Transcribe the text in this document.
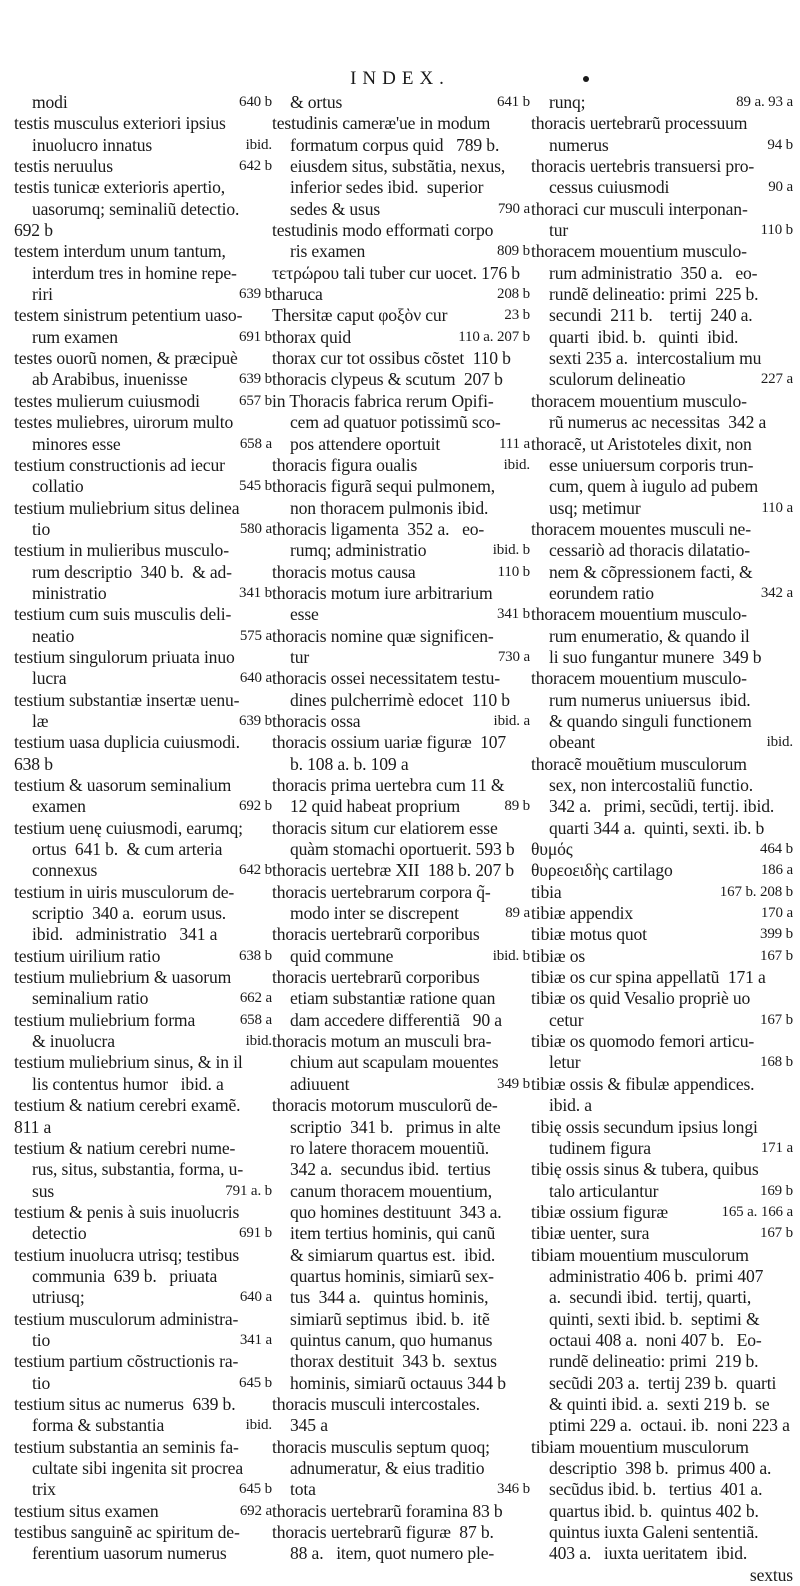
INDEX.
modi	640 b
testis musculus exteriori ipsius
inuolucro innatus	ibid.
testis neruulus	642 b
testis tunicæ exterioris apertio,
uasorumq; seminaliũ detectio.
692 b
testem interdum unum tantum,
interdum tres in homine repe-
riri	639 b
testem sinistrum petentium uaso-
rum examen	691 b
testes ouorũ nomen, & præcipuè
ab Arabibus, inuenisse	639 b
testes mulierum cuiusmodi	657 b
testes muliebres, uirorum multo
minores esse	658 a
testium constructionis ad iecur
collatio	545 b
testium muliebrium situs delinea
tio	580 a
testium in mulieribus musculo-
rum descriptio  340 b.  & ad-
ministratio	341 b
testium cum suis musculis deli-
neatio	575 a
testium singulorum priuata inuo
lucra	640 a
testium substantiæ insertæ uenu-
læ	639 b
testium uasa duplicia cuiusmodi.
638 b
testium & uasorum seminalium
examen	692 b
testium uenę cuiusmodi, earumq;
ortus  641 b.  & cum arteria
connexus	642 b
testium in uiris musculorum de-
scriptio  340 a.  eorum usus.
ibid.   administratio   341 a
testium uirilium ratio	638 b
testium muliebrium & uasorum
seminalium ratio	662 a
testium muliebrium forma	658 a
& inuolucra	ibid.
testium muliebrium sinus, & in il
lis contentus humor   ibid. a
testium & natium cerebri examẽ.
811 a
testium & natium cerebri nume-
rus, situs, substantia, forma, u-
sus	791 a. b
testium & penis à suis inuolucris
detectio	691 b
testium inuolucra utrisq; testibus
communia  639 b.   priuata
utriusq;	640 a
testium musculorum administra-
tio	341 a
testium partium cõstructionis ra-
tio	645 b
testium situs ac numerus  639 b.
forma & substantia	ibid.
testium substantia an seminis fa-
cultate sibi ingenita sit procrea
trix	645 b
testium situs examen	692 a
testibus sanguinẽ ac spiritum de-
ferentium uasorum numerus
& ortus	641 b
testudinis cameræ'ue in modum
formatum corpus quid   789 b.
eiusdem situs, substãtia, nexus,
inferior sedes ibid.  superior
sedes & usus	790 a
testudinis modo efformati corpo
ris examen	809 b
τετρώρου tali tuber cur uocet. 176 b
tharuca	208 b
Thersitæ caput φοξὸν cur	23 b
thorax quid	110 a. 207 b
thorax cur tot ossibus cõstet  110 b
thoracis clypeus & scutum  207 b
in Thoracis fabrica rerum Opifi-
cem ad quatuor potissimũ sco-
pos attendere oportuit	111 a
thoracis figura oualis	ibid.
thoracis figurã sequi pulmonem,
non thoracem pulmonis ibid.
thoracis ligamenta  352 a.   eo-
rumq; administratio	ibid. b
thoracis motus causa	110 b
thoracis motum iure arbitrarium
esse	341 b
thoracis nomine quæ significen-
tur	730 a
thoracis ossei necessitatem testu-
dines pulcherrimè edocet  110 b
thoracis ossa	ibid. a
thoracis ossium uariæ figuræ  107
b. 108 a. b. 109 a
thoracis prima uertebra cum 11 &
12 quid habeat proprium	89 b
thoracis situm cur elatiorem esse
quàm stomachi oportuerit. 593 b
thoracis uertebræ XII  188 b. 207 b
thoracis uertebrarum corpora q̃-
modo inter se discrepent	89 a
thoracis uertebrarũ corporibus
quid commune	ibid. b
thoracis uertebrarũ corporibus
etiam substantiæ ratione quan
dam accedere differentiã   90 a
thoracis motum an musculi bra-
chium aut scapulam mouentes
adiuuent	349 b
thoracis motorum musculorũ de-
scriptio  341 b.   primus in alte
ro latere thoracem mouentiũ.
342 a.  secundus ibid.  tertius
canum thoracem mouentium,
quo homines destituunt  343 a.
item tertius hominis, qui canũ
& simiarum quartus est.  ibid.
quartus hominis, simiarũ sex-
tus  344 a.   quintus hominis,
simiarũ septimus  ibid. b.  itẽ
quintus canum, quo humanus
thorax destituit  343 b.  sextus
hominis, simiarũ octauus 344 b
thoracis musculi intercostales.
345 a
thoracis musculis septum quoq;
adnumeratur, & eius traditio
tota	346 b
thoracis uertebrarũ foramina 83 b
thoracis uertebrarũ figuræ  87 b.
88 a.   item, quot numero ple-
runq;	89 a. 93 a
thoracis uertebrarũ processuum
numerus	94 b
thoracis uertebris transuersi pro-
cessus cuiusmodi	90 a
thoraci cur musculi interponan-
tur	110 b
thoracem mouentium musculo-
rum administratio  350 a.   eo-
rundẽ delineatio: primi  225 b.
secundi  211 b.    tertij  240 a.
quarti  ibid. b.   quinti  ibid.
sexti 235 a.  intercostalium mu
sculorum delineatio	227 a
thoracem mouentium musculo-
rũ numerus ac necessitas  342 a
thoracẽ, ut Aristoteles dixit, non
esse uniuersum corporis trun-
cum, quem à iugulo ad pubem
usq; metimur	110 a
thoracem mouentes musculi ne-
cessariò ad thoracis dilatatio-
nem & cõpressionem facti, &
eorundem ratio	342 a
thoracem mouentium musculo-
rum enumeratio, & quando il
li suo fungantur munere  349 b
thoracem mouentium musculo-
rum numerus uniuersus  ibid.
& quando singuli functionem
obeant	ibid.
thoracẽ mouẽtium musculorum
sex, non intercostaliũ functio.
342 a.   primi, secũdi, tertij. ibid.
quarti 344 a.  quinti, sexti. ib. b
θυμός	464 b
θυρεοειδὴς cartilago	186 a
tibia	167 b. 208 b
tibiæ appendix	170 a
tibiæ motus quot	399 b
tibiæ os	167 b
tibiæ os cur spina appellatũ  171 a
tibiæ os quid Vesalio propriè uo
cetur	167 b
tibiæ os quomodo femori articu-
letur	168 b
tibiæ ossis & fibulæ appendices.
ibid. a
tibię ossis secundum ipsius longi
tudinem figura	171 a
tibię ossis sinus & tubera, quibus
talo articulantur	169 b
tibiæ ossium figuræ	165 a. 166 a
tibiæ uenter, sura	167 b
tibiam mouentium musculorum
administratio 406 b.  primi 407
a.  secundi ibid.  tertij, quarti,
quinti, sexti ibid. b.  septimi &
octaui 408 a.  noni 407 b.   Eo-
rundẽ delineatio: primi  219 b.
secũdi 203 a.  tertij 239 b.  quarti
& quinti ibid. a.  sexti 219 b.  se
ptimi 229 a.  octaui. ib.  noni 223 a
tibiam mouentium musculorum
descriptio  398 b.  primus 400 a.
secũdus ibid. b.   tertius  401 a.
quartus ibid. b.  quintus 402 b.
quintus iuxta Galeni sententiã.
403 a.   iuxta ueritatem  ibid.
sextus
